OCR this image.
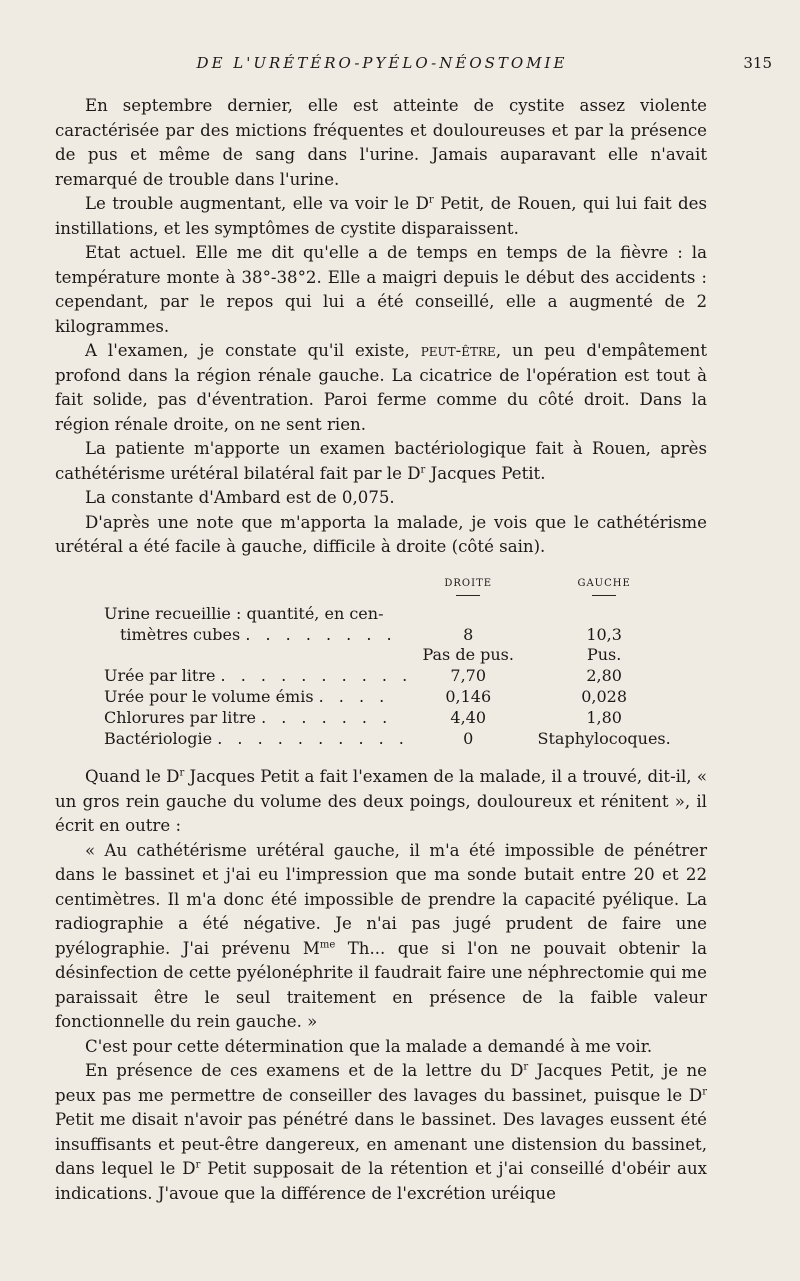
DE L'URÉTÉRO-PYÉLO-NÉOSTOMIE	315

En septembre dernier, elle est atteinte de cystite assez violente caractérisée par des mictions fréquentes et douloureuses et par la présence de pus et même de sang dans l'urine. Jamais auparavant elle n'avait remarqué de trouble dans l'urine.

Le trouble augmentant, elle va voir le $D^r$ Petit, de Rouen, qui lui fait des instillations, et les symptômes de cystite disparaissent.

Etat actuel. Elle me dit qu'elle a de temps en temps de la fièvre : la température monte à 38°-38°2. Elle a maigri depuis le début des accidents : cependant, par le repos qui lui a été conseillé, elle a augmenté de 2 kilogrammes.

A l'examen, je constate qu'il existe, peut-être, un peu d'empâtement profond dans la région rénale gauche. La cicatrice de l'opération est tout à fait solide, pas d'éventration. Paroi ferme comme du côté droit. Dans la région rénale droite, on ne sent rien.

La patiente m'apporte un examen bactériologique fait à Rouen, après cathétérisme urétéral bilatéral fait par le $D^r$ Jacques Petit.

La constante d'Ambard est de 0,075.

D'après une note que m'apporta la malade, je vois que le cathétérisme urétéral a été facile à gauche, difficile à droite (côté sain).

	DROITE	GAUCHE

Urine recueillie : quantité, en cen-		
 timètres cubes . . . . . . . .	8	10,3
	Pas de pus.	Pus.
Urée par litre . . . . . . . . . .	7,70	2,80
Urée pour le volume émis . . . .	0,146	0,028
Chlorures par litre . . . . . . .	4,40	1,80
Bactériologie . . . . . . . . . .	0	Staphylocoques.

Quand le $D^r$ Jacques Petit a fait l'examen de la malade, il a trouvé, dit-il, « un gros rein gauche du volume des deux poings, douloureux et rénitent », il écrit en outre :

« Au cathétérisme urétéral gauche, il m'a été impossible de pénétrer dans le bassinet et j'ai eu l'impression que ma sonde butait entre 20 et 22 centimètres. Il m'a donc été impossible de prendre la capacité pyélique. La radiographie a été négative. Je n'ai pas jugé prudent de faire une pyélographie. J'ai prévenu $M^{me}$ Th... que si l'on ne pouvait obtenir la désinfection de cette pyélonéphrite il faudrait faire une néphrectomie qui me paraissait être le seul traitement en présence de la faible valeur fonctionnelle du rein gauche. »

C'est pour cette détermination que la malade a demandé à me voir.

En présence de ces examens et de la lettre du $D^r$ Jacques Petit, je ne peux pas me permettre de conseiller des lavages du bassinet, puisque le $D^r$ Petit me disait n'avoir pas pénétré dans le bassinet. Des lavages eussent été insuffisants et peut-être dangereux, en amenant une distension du bassinet, dans lequel le $D^r$ Petit supposait de la rétention et j'ai conseillé d'obéir aux indications. J'avoue que la différence de l'excrétion uréique
